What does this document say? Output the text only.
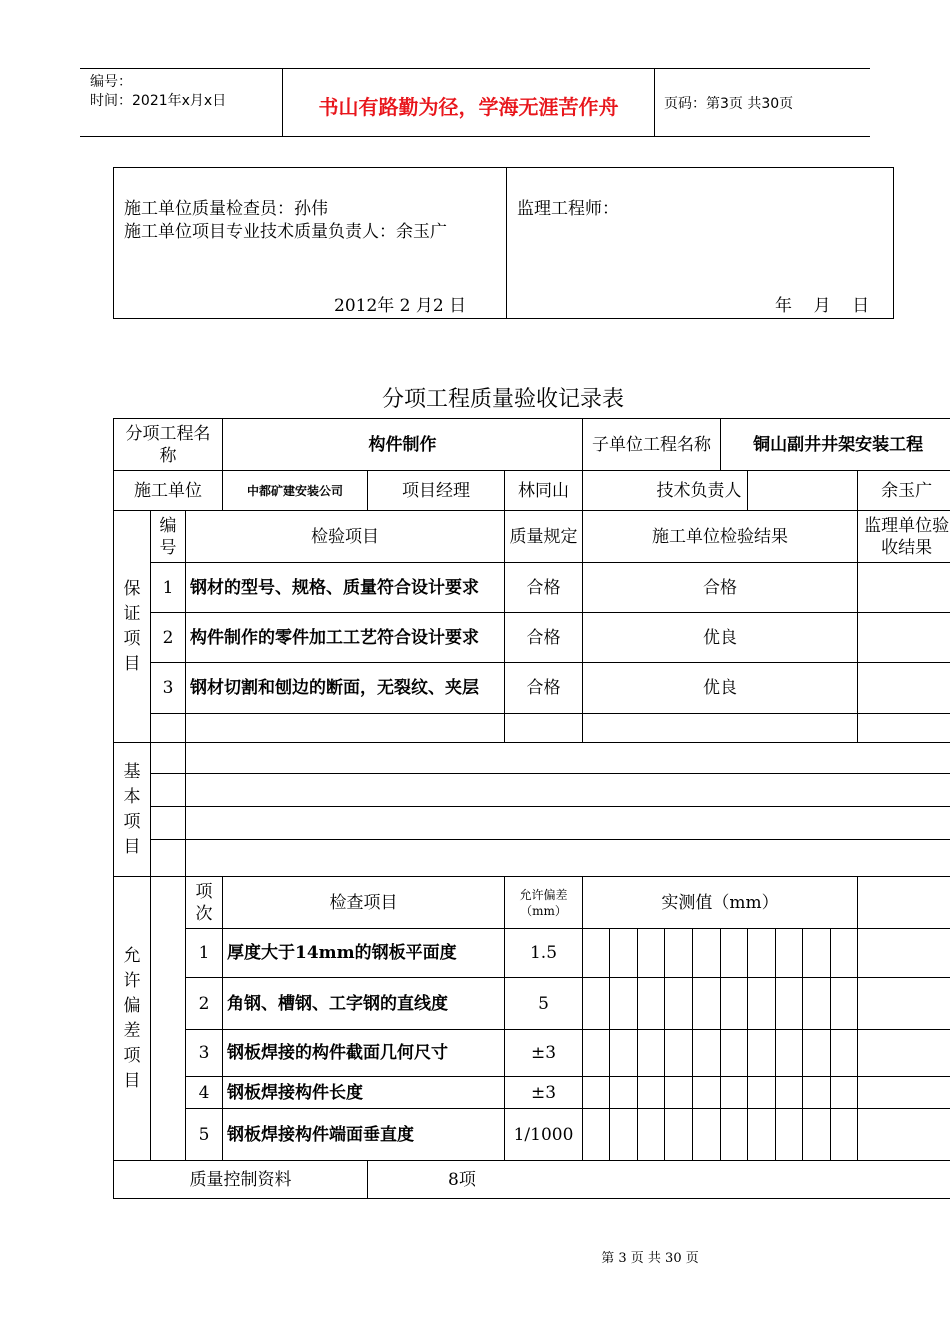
编号：
时间：2021年x月x日	书山有路勤为径，学海无涯苦作舟	页码：第3页 共30页
施工单位质量检查员：孙伟
施工单位项目专业技术质量负责人：余玉广
2012年 2 月2 日

监理工程师：
年    月    日
分项工程质量验收记录表
分项工程名称			构件制作			子单位工程名称					铜山副井井架安装工程					
施工单位			中都矿建安装公司	项目经理	林同山	技术负责人										余玉广
保证项目	编号	检验项目			质量规定	施工单位检验结果										监理单位验收结果
	1	钢材的型号、规格、质量符合设计要求			合格	合格										
	2	构件制作的零件加工工艺符合设计要求			合格	优良										
	3	钢材切割和刨边的断面，无裂纹、夹层			合格	优良										

基本项目																

允许偏差项目		项次	检查项目		允许偏差
（mm）	实测值（mm）										
		1	厚度大于14mm的钢板平面度		1.5											
		2	角钢、槽钢、工字钢的直线度		5											
		3	钢板焊接的构件截面几何尺寸		±3											
		4	钢板焊接构件长度		±3											
		5	钢板焊接构件端面垂直度		1/1000											
质量控制资料				8项												
第 3 页 共 30 页
